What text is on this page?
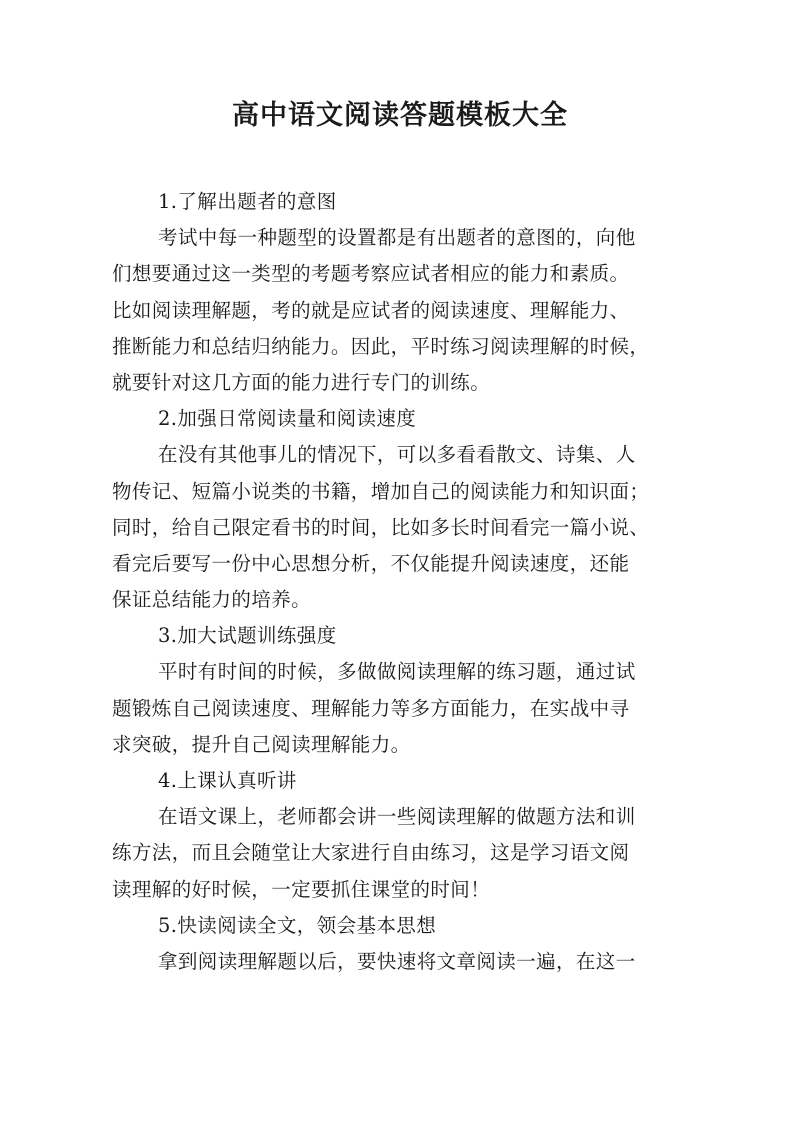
高中语文阅读答题模板大全
1.了解出题者的意图
考试中每一种题型的设置都是有出题者的意图的，向他
们想要通过这一类型的考题考察应试者相应的能力和素质。
比如阅读理解题，考的就是应试者的阅读速度、理解能力、
推断能力和总结归纳能力。因此，平时练习阅读理解的时候，
就要针对这几方面的能力进行专门的训练。
2.加强日常阅读量和阅读速度
在没有其他事儿的情况下，可以多看看散文、诗集、人
物传记、短篇小说类的书籍，增加自己的阅读能力和知识面；
同时，给自己限定看书的时间，比如多长时间看完一篇小说、
看完后要写一份中心思想分析，不仅能提升阅读速度，还能
保证总结能力的培养。
3.加大试题训练强度
平时有时间的时候，多做做阅读理解的练习题，通过试
题锻炼自己阅读速度、理解能力等多方面能力，在实战中寻
求突破，提升自己阅读理解能力。
4.上课认真听讲
在语文课上，老师都会讲一些阅读理解的做题方法和训
练方法，而且会随堂让大家进行自由练习，这是学习语文阅
读理解的好时候，一定要抓住课堂的时间！
5.快读阅读全文，领会基本思想
拿到阅读理解题以后，要快速将文章阅读一遍，在这一
